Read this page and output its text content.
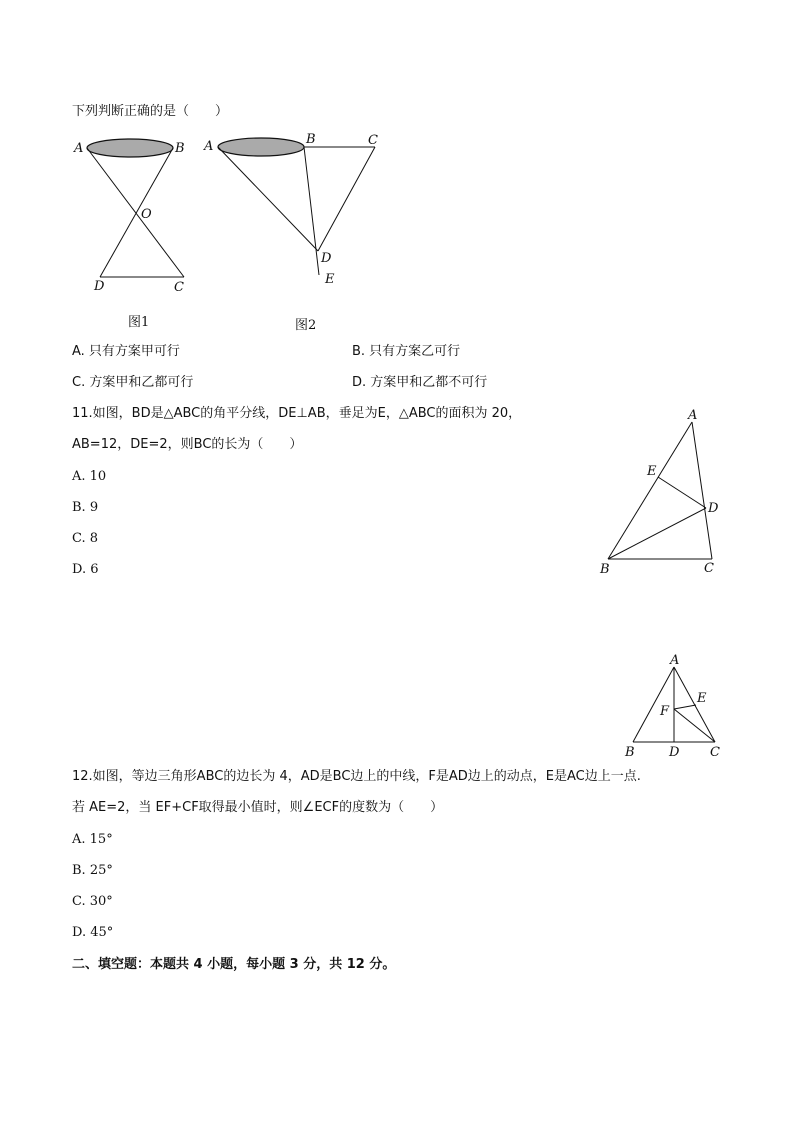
下列判断正确的是（　　）
A	B
O
D	C
图1
A	B	C
D
E
图2
A. 只有方案甲可行	B. 只有方案乙可行
C. 方案甲和乙都可行	D. 方案甲和乙都不可行
11.如图，BD是△ABC的角平分线，DE⊥AB，垂足为E，△ABC的面积为 20，
AB=12，DE=2，则BC的长为（　　）
A. 10
B. 9
C. 8
D. 6
A
E
D
B	C
A
E
F
B	D C
12.如图，等边三角形ABC的边长为 4，AD是BC边上的中线，F是AD边上的动点，E是AC边上一点.
若 AE=2，当 EF+CF取得最小值时，则∠ECF的度数为（　　）
A. 15°
B. 25°
C. 30°
D. 45°
二、填空题：本题共 4 小题，每小题 3 分，共 12 分。
